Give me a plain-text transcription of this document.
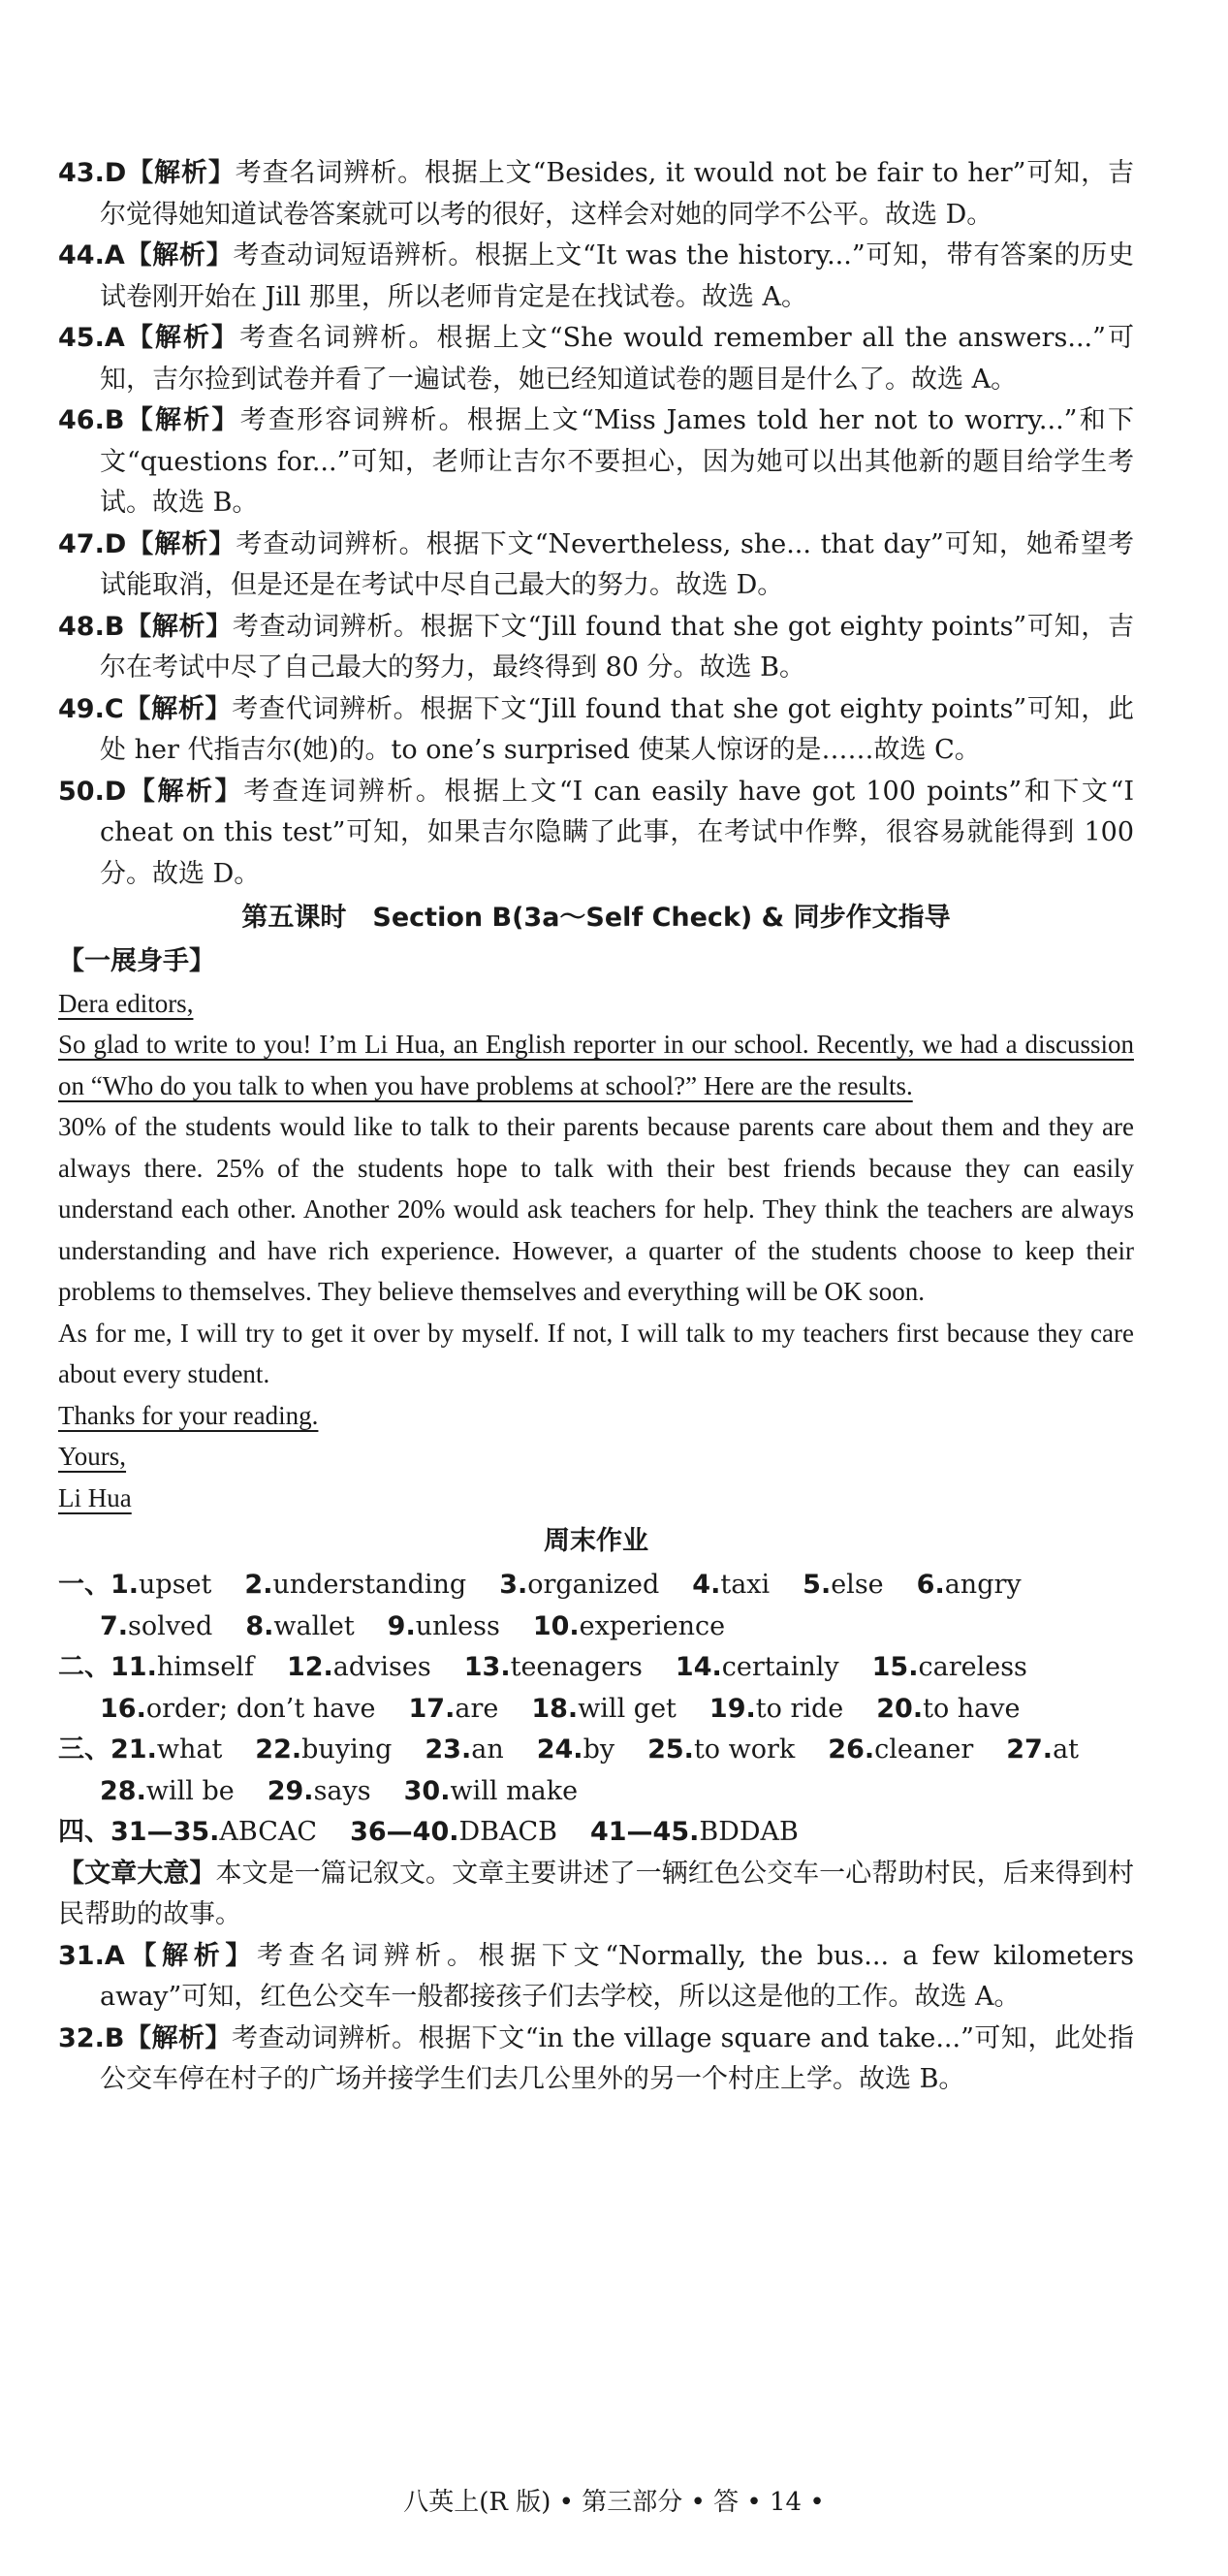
43.D【解析】考查名词辨析。根据上文“Besides, it would not be fair to her”可知，吉尔觉得她知道试卷答案就可以考的很好，这样会对她的同学不公平。故选 D。

44.A【解析】考查动词短语辨析。根据上文“It was the history...”可知，带有答案的历史试卷刚开始在 Jill 那里，所以老师肯定是在找试卷。故选 A。

45.A【解析】考查名词辨析。根据上文“She would remember all the answers...”可知，吉尔捡到试卷并看了一遍试卷，她已经知道试卷的题目是什么了。故选 A。

46.B【解析】考查形容词辨析。根据上文“Miss James told her not to worry...”和下文“questions for...”可知，老师让吉尔不要担心，因为她可以出其他新的题目给学生考试。故选 B。

47.D【解析】考查动词辨析。根据下文“Nevertheless, she... that day”可知，她希望考试能取消，但是还是在考试中尽自己最大的努力。故选 D。

48.B【解析】考查动词辨析。根据下文“Jill found that she got eighty points”可知，吉尔在考试中尽了自己最大的努力，最终得到 80 分。故选 B。

49.C【解析】考查代词辨析。根据下文“Jill found that she got eighty points”可知，此处 her 代指吉尔(她)的。to one’s surprised 使某人惊讶的是……故选 C。

50.D【解析】考查连词辨析。根据上文“I can easily have got 100 points”和下文“I cheat on this test”可知，如果吉尔隐瞒了此事，在考试中作弊，很容易就能得到 100 分。故选 D。

第五课时　Section B(3a～Self Check) & 同步作文指导

【一展身手】

Dera editors,

So glad to write to you! I’m Li Hua, an English reporter in our school. Recently, we had a discussion on “Who do you talk to when you have problems at school?” Here are the results.

30% of the students would like to talk to their parents because parents care about them and they are always there. 25% of the students hope to talk with their best friends because they can easily understand each other. Another 20% would ask teachers for help. They think the teachers are always understanding and have rich experience. However, a quarter of the students choose to keep their problems to themselves. They believe themselves and everything will be OK soon.

As for me, I will try to get it over by myself. If not, I will talk to my teachers first because they care about every student.

Thanks for your reading.

Yours,

Li Hua

周末作业
一、 1.upset 2.understanding 3.organized 4.taxi 5.else 6.angry
7.solved 8.wallet 9.unless 10.experience
二、 11.himself 12.advises 13.teenagers 14.certainly 15.careless
16.order; don’t have 17.are 18.will get 19.to ride 20.to have
三、 21.what 22.buying 23.an 24.by 25.to work 26.cleaner 27.at
28.will be 29.says 30.will make
四、 31—35.ABCAC 36—40.DBACB 41—45.BDDAB

【文章大意】本文是一篇记叙文。文章主要讲述了一辆红色公交车一心帮助村民，后来得到村民帮助的故事。

31.A【解析】考查名词辨析。根据下文“Normally, the bus... a few kilometers away”可知，红色公交车一般都接孩子们去学校，所以这是他的工作。故选 A。

32.B【解析】考查动词辨析。根据下文“in the village square and take...”可知，此处指公交车停在村子的广场并接学生们去几公里外的另一个村庄上学。故选 B。

八英上(R 版) • 第三部分 • 答 • 14 •
